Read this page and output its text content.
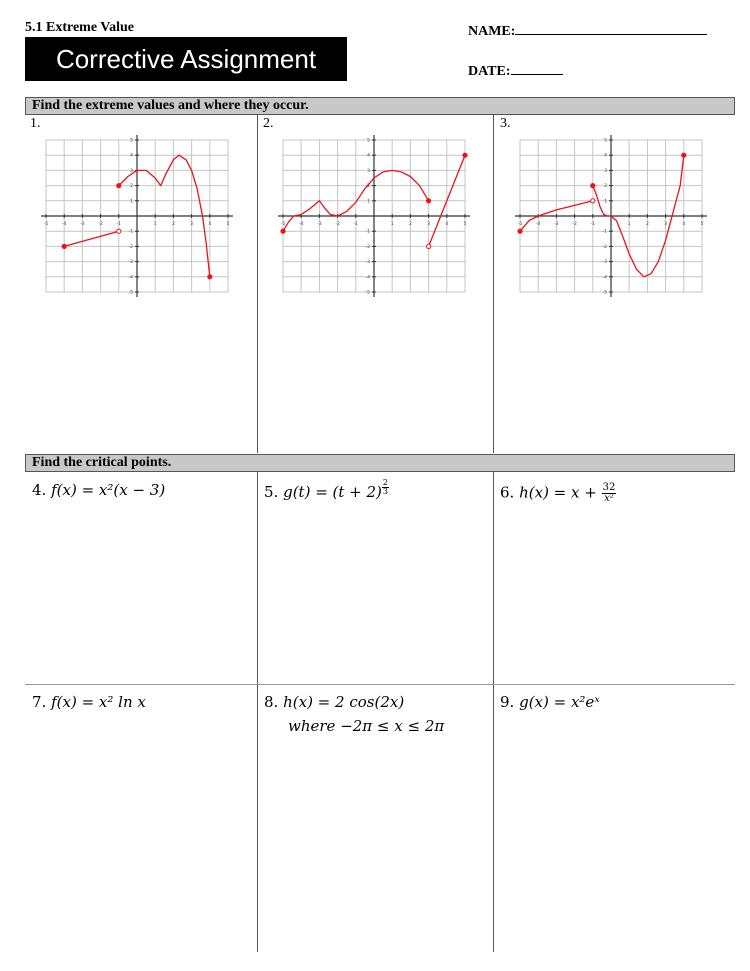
5.1 Extreme Value
Corrective Assignment
NAME:
DATE:
Find the extreme values and where they occur.
1.	2.	3.
-5	-4	-3	-2	-1	1	2	3	4	5
-5
-4
-3
-2
-1
1
2
3
4
5
-5	-4	-3	-2	-1	1	2	3	4	5
-5
-4
-3
-2
-1
1
2
3
4
5
-5	-4	-3	-2	-1	1	2	3	4	5
-5
-4
-3
-2
-1
1
2
3
4
5
Find the critical points.
4. f(x) = x²(x − 3)	5. $g(t) = (t + 2) \frac{2}{3}$	6. $h(x) = x + \frac{32}{\text{x²}}$
7. f(x) = x² ln x	8. h(x) = 2 cos(2x)
where −2π ≤ x ≤ 2π
9. g(x) = x²eˣ
